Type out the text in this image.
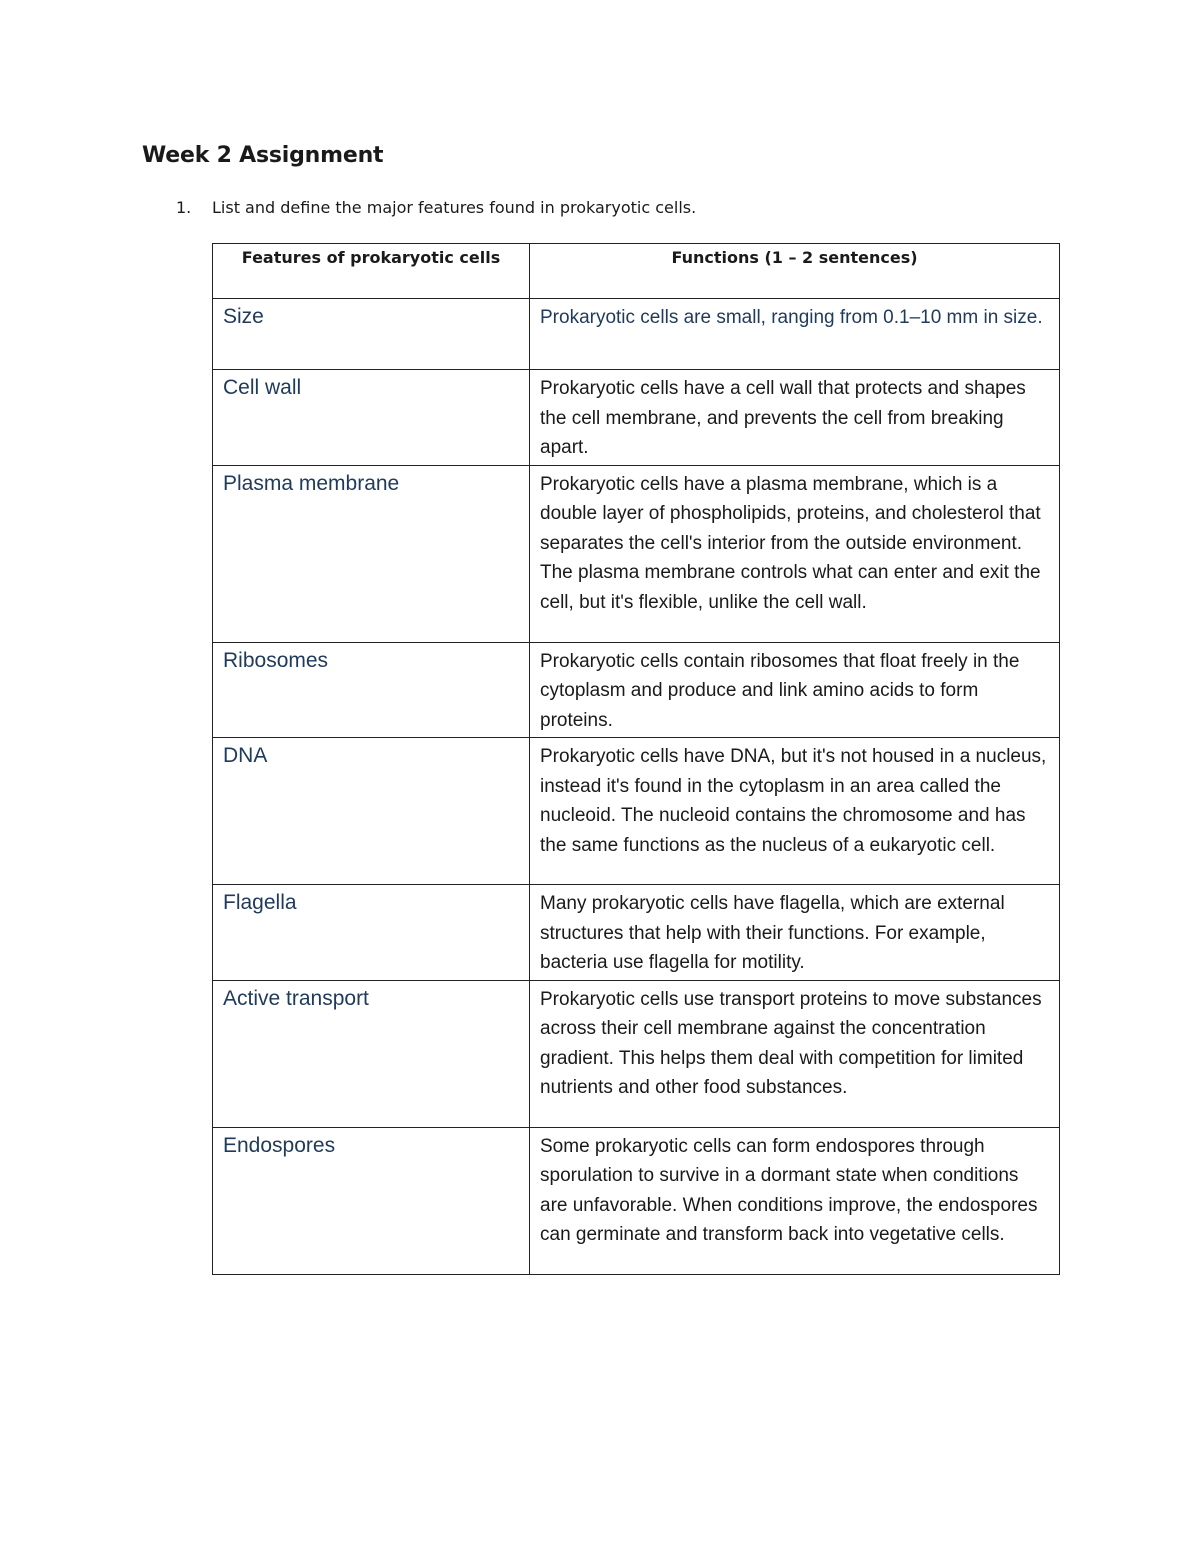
Week 2 Assignment
1. List and define the major features found in prokaryotic cells.
Features of prokaryotic cells	Functions (1 – 2 sentences)
Size	Prokaryotic cells are small, ranging from 0.1–10 mm in size.
Cell wall	Prokaryotic cells have a cell wall that protects and shapes the cell membrane, and prevents the cell from breaking apart.
Plasma membrane	Prokaryotic cells have a plasma membrane, which is a double layer of phospholipids, proteins, and cholesterol that separates the cell's interior from the outside environment. The plasma membrane controls what can enter and exit the cell, but it's flexible, unlike the cell wall.
Ribosomes	Prokaryotic cells contain ribosomes that float freely in the cytoplasm and produce and link amino acids to form proteins.
DNA	Prokaryotic cells have DNA, but it's not housed in a nucleus, instead it's found in the cytoplasm in an area called the nucleoid. The nucleoid contains the chromosome and has the same functions as the nucleus of a eukaryotic cell.
Flagella	Many prokaryotic cells have flagella, which are external structures that help with their functions. For example, bacteria use flagella for motility.
Active transport	Prokaryotic cells use transport proteins to move substances across their cell membrane against the concentration gradient. This helps them deal with competition for limited nutrients and other food substances.
Endospores	Some prokaryotic cells can form endospores through sporulation to survive in a dormant state when conditions are unfavorable. When conditions improve, the endospores can germinate and transform back into vegetative cells.
